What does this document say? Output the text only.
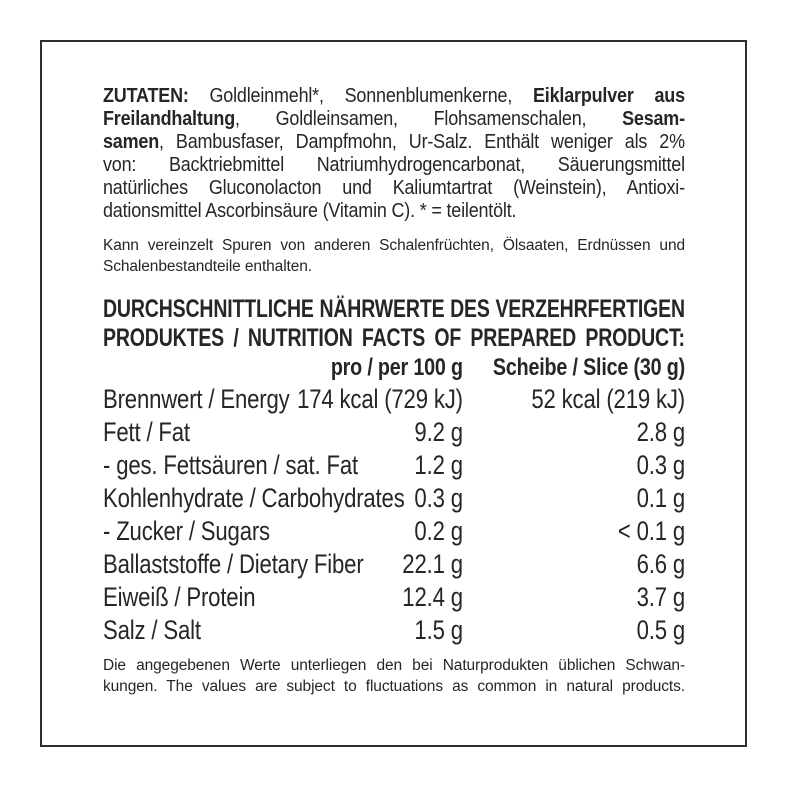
ZUTATEN: Goldleinmehl*, Sonnenblumenkerne, Eiklarpulver aus
Freilandhaltung, Goldleinsamen, Flohsamenschalen, Sesam-
samen, Bambusfaser, Dampfmohn, Ur-Salz. Enthält weniger als 2%
von: Backtriebmittel Natriumhydrogencarbonat, Säuerungsmittel
natürliches Gluconolacton und Kaliumtartrat (Weinstein), Antioxi-
dationsmittel Ascorbinsäure (Vitamin C). * = teilentölt.
Kann vereinzelt Spuren von anderen Schalenfrüchten, Ölsaaten, Erdnüssen und
Schalenbestandteile enthalten.
DURCHSCHNITTLICHE NÄHRWERTE DES VERZEHRFERTIGEN
PRODUKTES / NUTRITION FACTS OF PREPARED PRODUCT:
pro / per 100 g Scheibe / Slice (30 g)
Brennwert / Energy 174 kcal (729 kJ)	52 kcal (219 kJ)
Fett / Fat	9.2 g	2.8 g
- ges. Fettsäuren / sat. Fat 1.2 g	0.3 g
Kohlenhydrate / Carbohydrates 0.3 g	0.1 g
- Zucker / Sugars	0.2 g	< 0.1 g
Ballaststoffe / Dietary Fiber 22.1 g	6.6 g
Eiweiß / Protein	12.4 g	3.7 g
Salz / Salt	1.5 g	0.5 g
Die angegebenen Werte unterliegen den bei Naturprodukten üblichen Schwan-
kungen. The values are subject to fluctuations as common in natural products.
